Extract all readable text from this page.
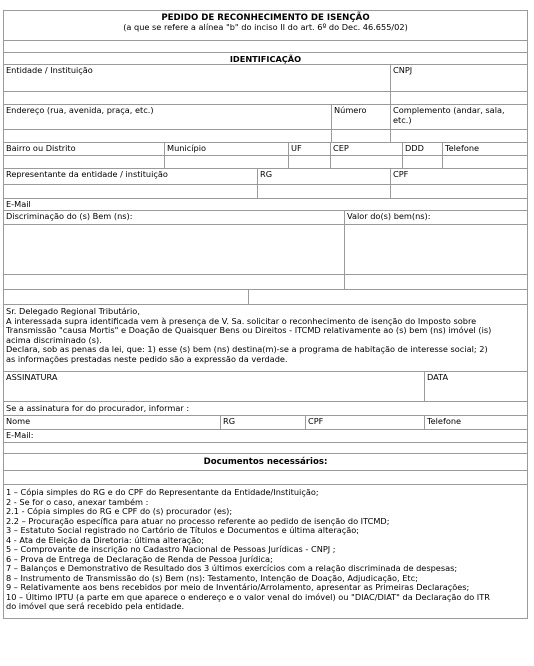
PEDIDO DE RECONHECIMENTO DE ISENÇÃO
(a que se refere a alínea "b" do inciso II do art. 6º do Dec. 46.655/02)
IDENTIFICAÇÃO
Entidade / Instituição	CNPJ
Endereço (rua, avenida, praça, etc.)	Número	Complemento (andar, sala, etc.)
Bairro ou Distrito	Município	UF	CEP	DDD	Telefone
Representante da entidade / instituição	RG	CPF
E-Mail
Discriminação do (s) Bem (ns):	Valor do(s) bem(ns):
Sr. Delegado Regional Tributário,
A interessada supra identificada vem à presença de V. Sa. solicitar o reconhecimento de isenção do Imposto sobre
Transmissão "causa Mortis" e Doação de Quaisquer Bens ou Direitos - ITCMD relativamente ao (s) bem (ns) imóvel (is)
acima discriminado (s).
Declara, sob as penas da lei, que: 1) esse (s) bem (ns) destina(m)-se a programa de habitação de interesse social; 2)
as informações prestadas neste pedido são a expressão da verdade.
ASSINATURA	DATA
Se a assinatura for do procurador, informar :
Nome	RG	CPF	Telefone
E-Mail:
Documentos necessários:
1 – Cópia simples do RG e do CPF do Representante da Entidade/Instituição;
2 - Se for o caso, anexar também :
2.1 - Cópia simples do RG e CPF do (s) procurador (es);
2.2 – Procuração específica para atuar no processo referente ao pedido de isenção do ITCMD;
3 – Estatuto Social registrado no Cartório de Títulos e Documentos e última alteração;
4 - Ata de Eleição da Diretoria: última alteração;
5 – Comprovante de inscrição no Cadastro Nacional de Pessoas Jurídicas - CNPJ ;
6 – Prova de Entrega de Declaração de Renda de Pessoa Jurídica;
7 – Balanços e Demonstrativo de Resultado dos 3 últimos exercícios com a relação discriminada de despesas;
8 – Instrumento de Transmissão do (s) Bem (ns): Testamento, Intenção de Doação, Adjudicação, Etc;
9 – Relativamente aos bens recebidos por meio de Inventário/Arrolamento, apresentar as Primeiras Declarações;
10 – Último IPTU (a parte em que aparece o endereço e o valor venal do imóvel) ou "DIAC/DIAT" da Declaração do ITR
do imóvel que será recebido pela entidade.
